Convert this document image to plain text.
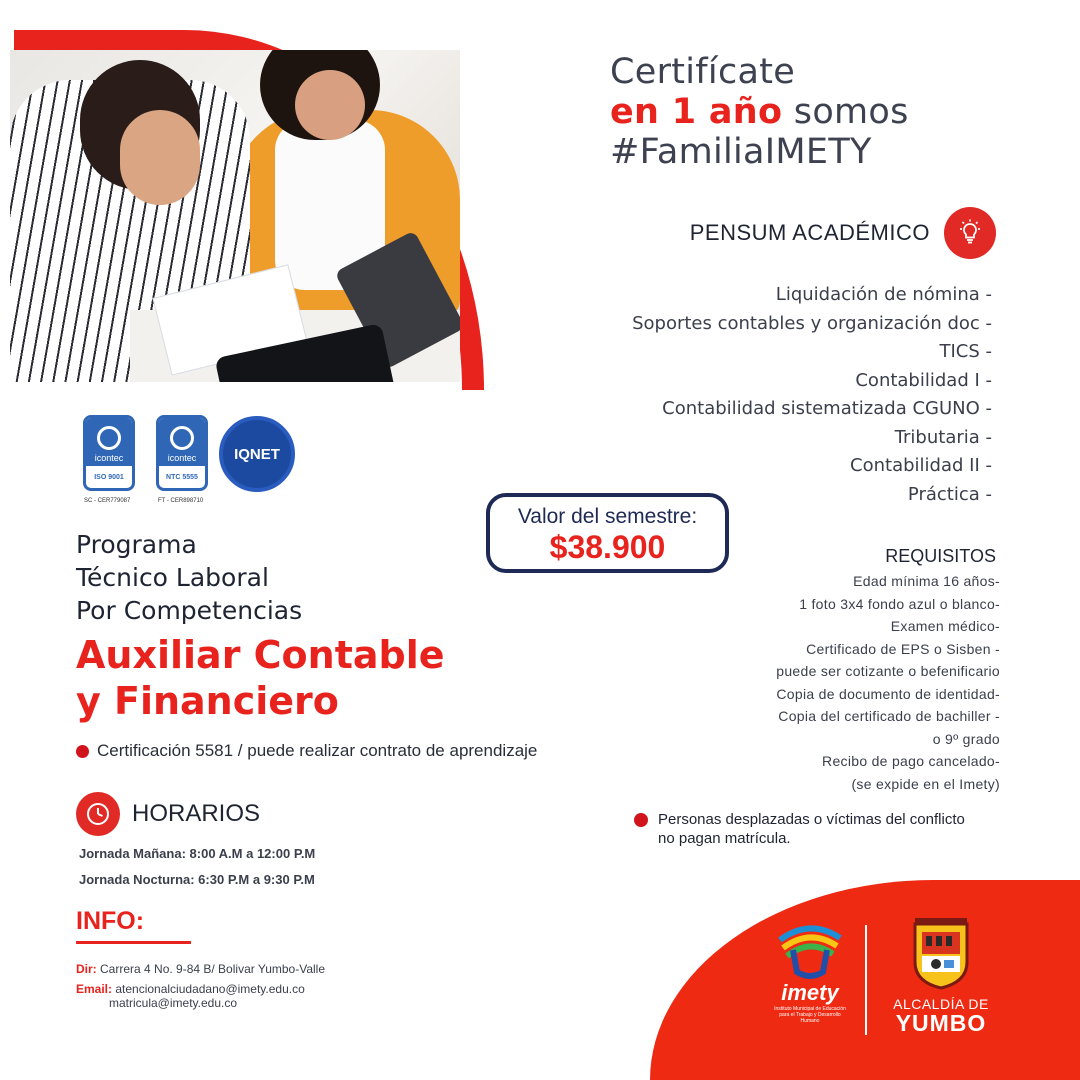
Certifícate
en 1 año somos
#FamiliaIMETY
PENSUM ACADÉMICO
Liquidación de nómina -
Soportes contables y organización doc -
TICS -
Contabilidad I -
Contabilidad sistematizada CGUNO -
Tributaria -
Contabilidad II -
Práctica -
icontec
ISO 9001
SC - CER779087
icontec
NTC 5555
FT - CER898710
IQNET
Valor del semestre:
$38.900
Programa
Técnico Laboral
Por Competencias
Auxiliar Contable
y Financiero
Certificación 5581 / puede realizar contrato de aprendizaje
HORARIOS
Jornada Mañana: 8:00 A.M a 12:00 P.M
Jornada Nocturna: 6:30 P.M a 9:30 P.M
INFO:
Dir: Carrera 4 No. 9-84 B/ Bolivar Yumbo-Valle
Email: atencionalciudadano@imety.edu.co
matricula@imety.edu.co
REQUISITOS
Edad mínima 16 años-
1 foto 3x4 fondo azul o blanco-
Examen médico-
Certificado de EPS o Sisben -
puede ser cotizante o befenificario
Copia de documento de identidad-
Copia del certificado de bachiller -
o 9º grado
Recibo de pago cancelado-
(se expide en el Imety)
Personas desplazadas o víctimas del conflicto
no pagan matrícula.
imety
Instituto Municipal de Educación para el Trabajo y Desarrollo Humano
ALCALDÍA DE
YUMBO
